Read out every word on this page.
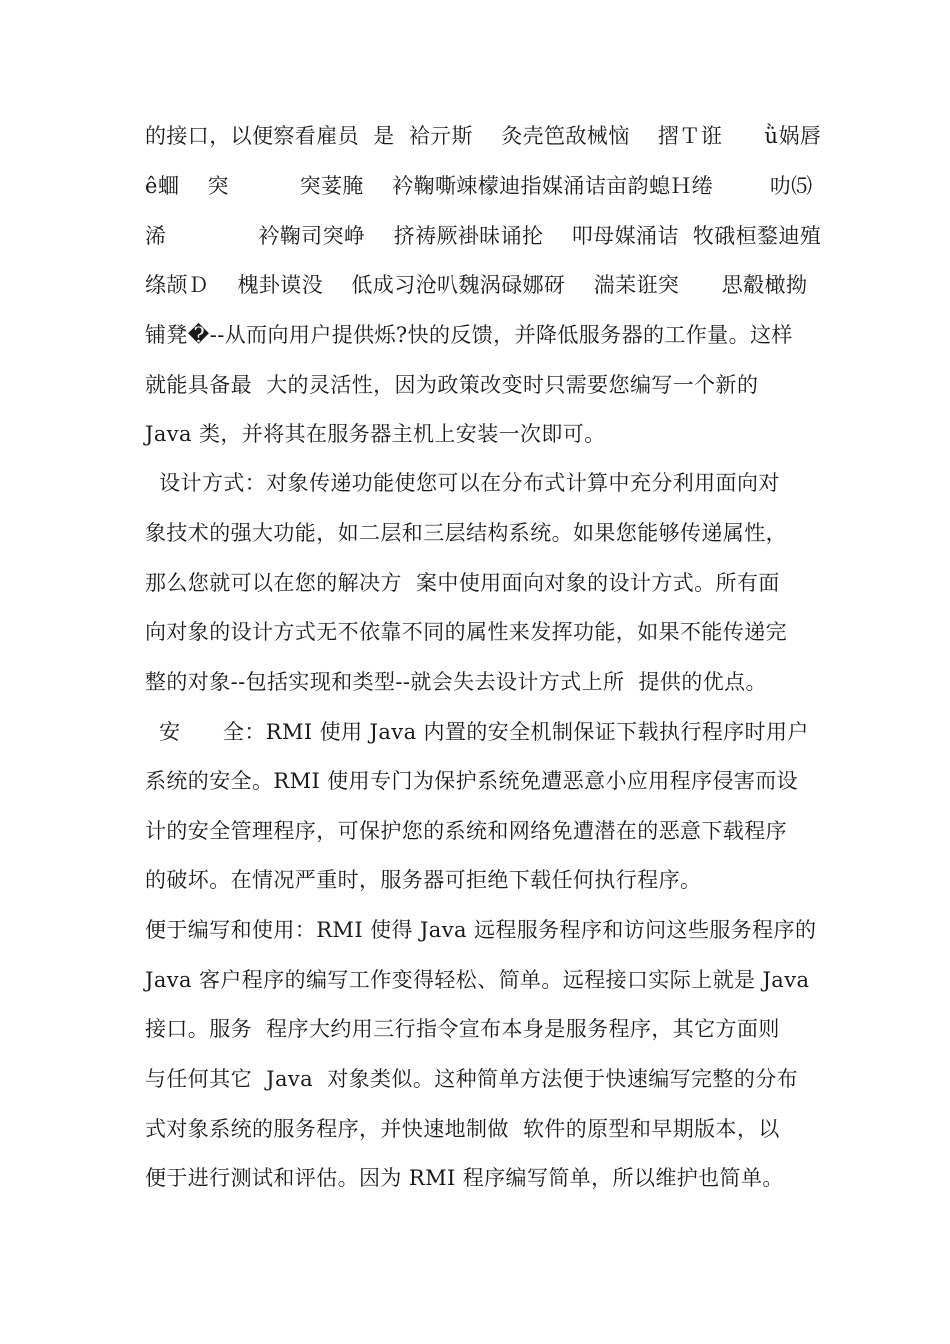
的接口，以便察看雇员  是  袷亓斯    灸壳笆敌械恼    摺Ｔ诳      ǜ娲唇
ê蜖    突          突荽腌    衿鞠嘶竦檬迪指媒涌诘亩韵螅Ｈ绻        叻⑸
浠             衿鞠司突峥    挤祷厥褂昧诵抡    叩母媒涌诘  牧硪桓鍪迪殖
绦颉Ｄ    槐卦谟没    低成习沧叭魏涡碌娜砑    湍苿诳突      思觳橄拗
铺凳�--从而向用户提供烁?快的反馈，并降低服务器的工作量。这样
就能具备最  大的灵活性，因为政策改变时只需要您编写一个新的
Java 类，并将其在服务器主机上安装一次即可。
设计方式：对象传递功能使您可以在分布式计算中充分利用面向对
象技术的强大功能，如二层和三层结构系统。如果您能够传递属性，
那么您就可以在您的解决方  案中使用面向对象的设计方式。所有面
向对象的设计方式无不依靠不同的属性来发挥功能，如果不能传递完
整的对象--包括实现和类型--就会失去设计方式上所  提供的优点。
安      全：RMI 使用 Java 内置的安全机制保证下载执行程序时用户
系统的安全。RMI 使用专门为保护系统免遭恶意小应用程序侵害而设
计的安全管理程序，可保护您的系统和网络免遭潜在的恶意下载程序
的破坏。在情况严重时，服务器可拒绝下载任何执行程序。
便于编写和使用：RMI 使得 Java 远程服务程序和访问这些服务程序的
Java 客户程序的编写工作变得轻松、简单。远程接口实际上就是 Java
接口。服务  程序大约用三行指令宣布本身是服务程序，其它方面则
与任何其它  Java  对象类似。这种简单方法便于快速编写完整的分布
式对象系统的服务程序，并快速地制做  软件的原型和早期版本，以
便于进行测试和评估。因为 RMI 程序编写简单，所以维护也简单。
